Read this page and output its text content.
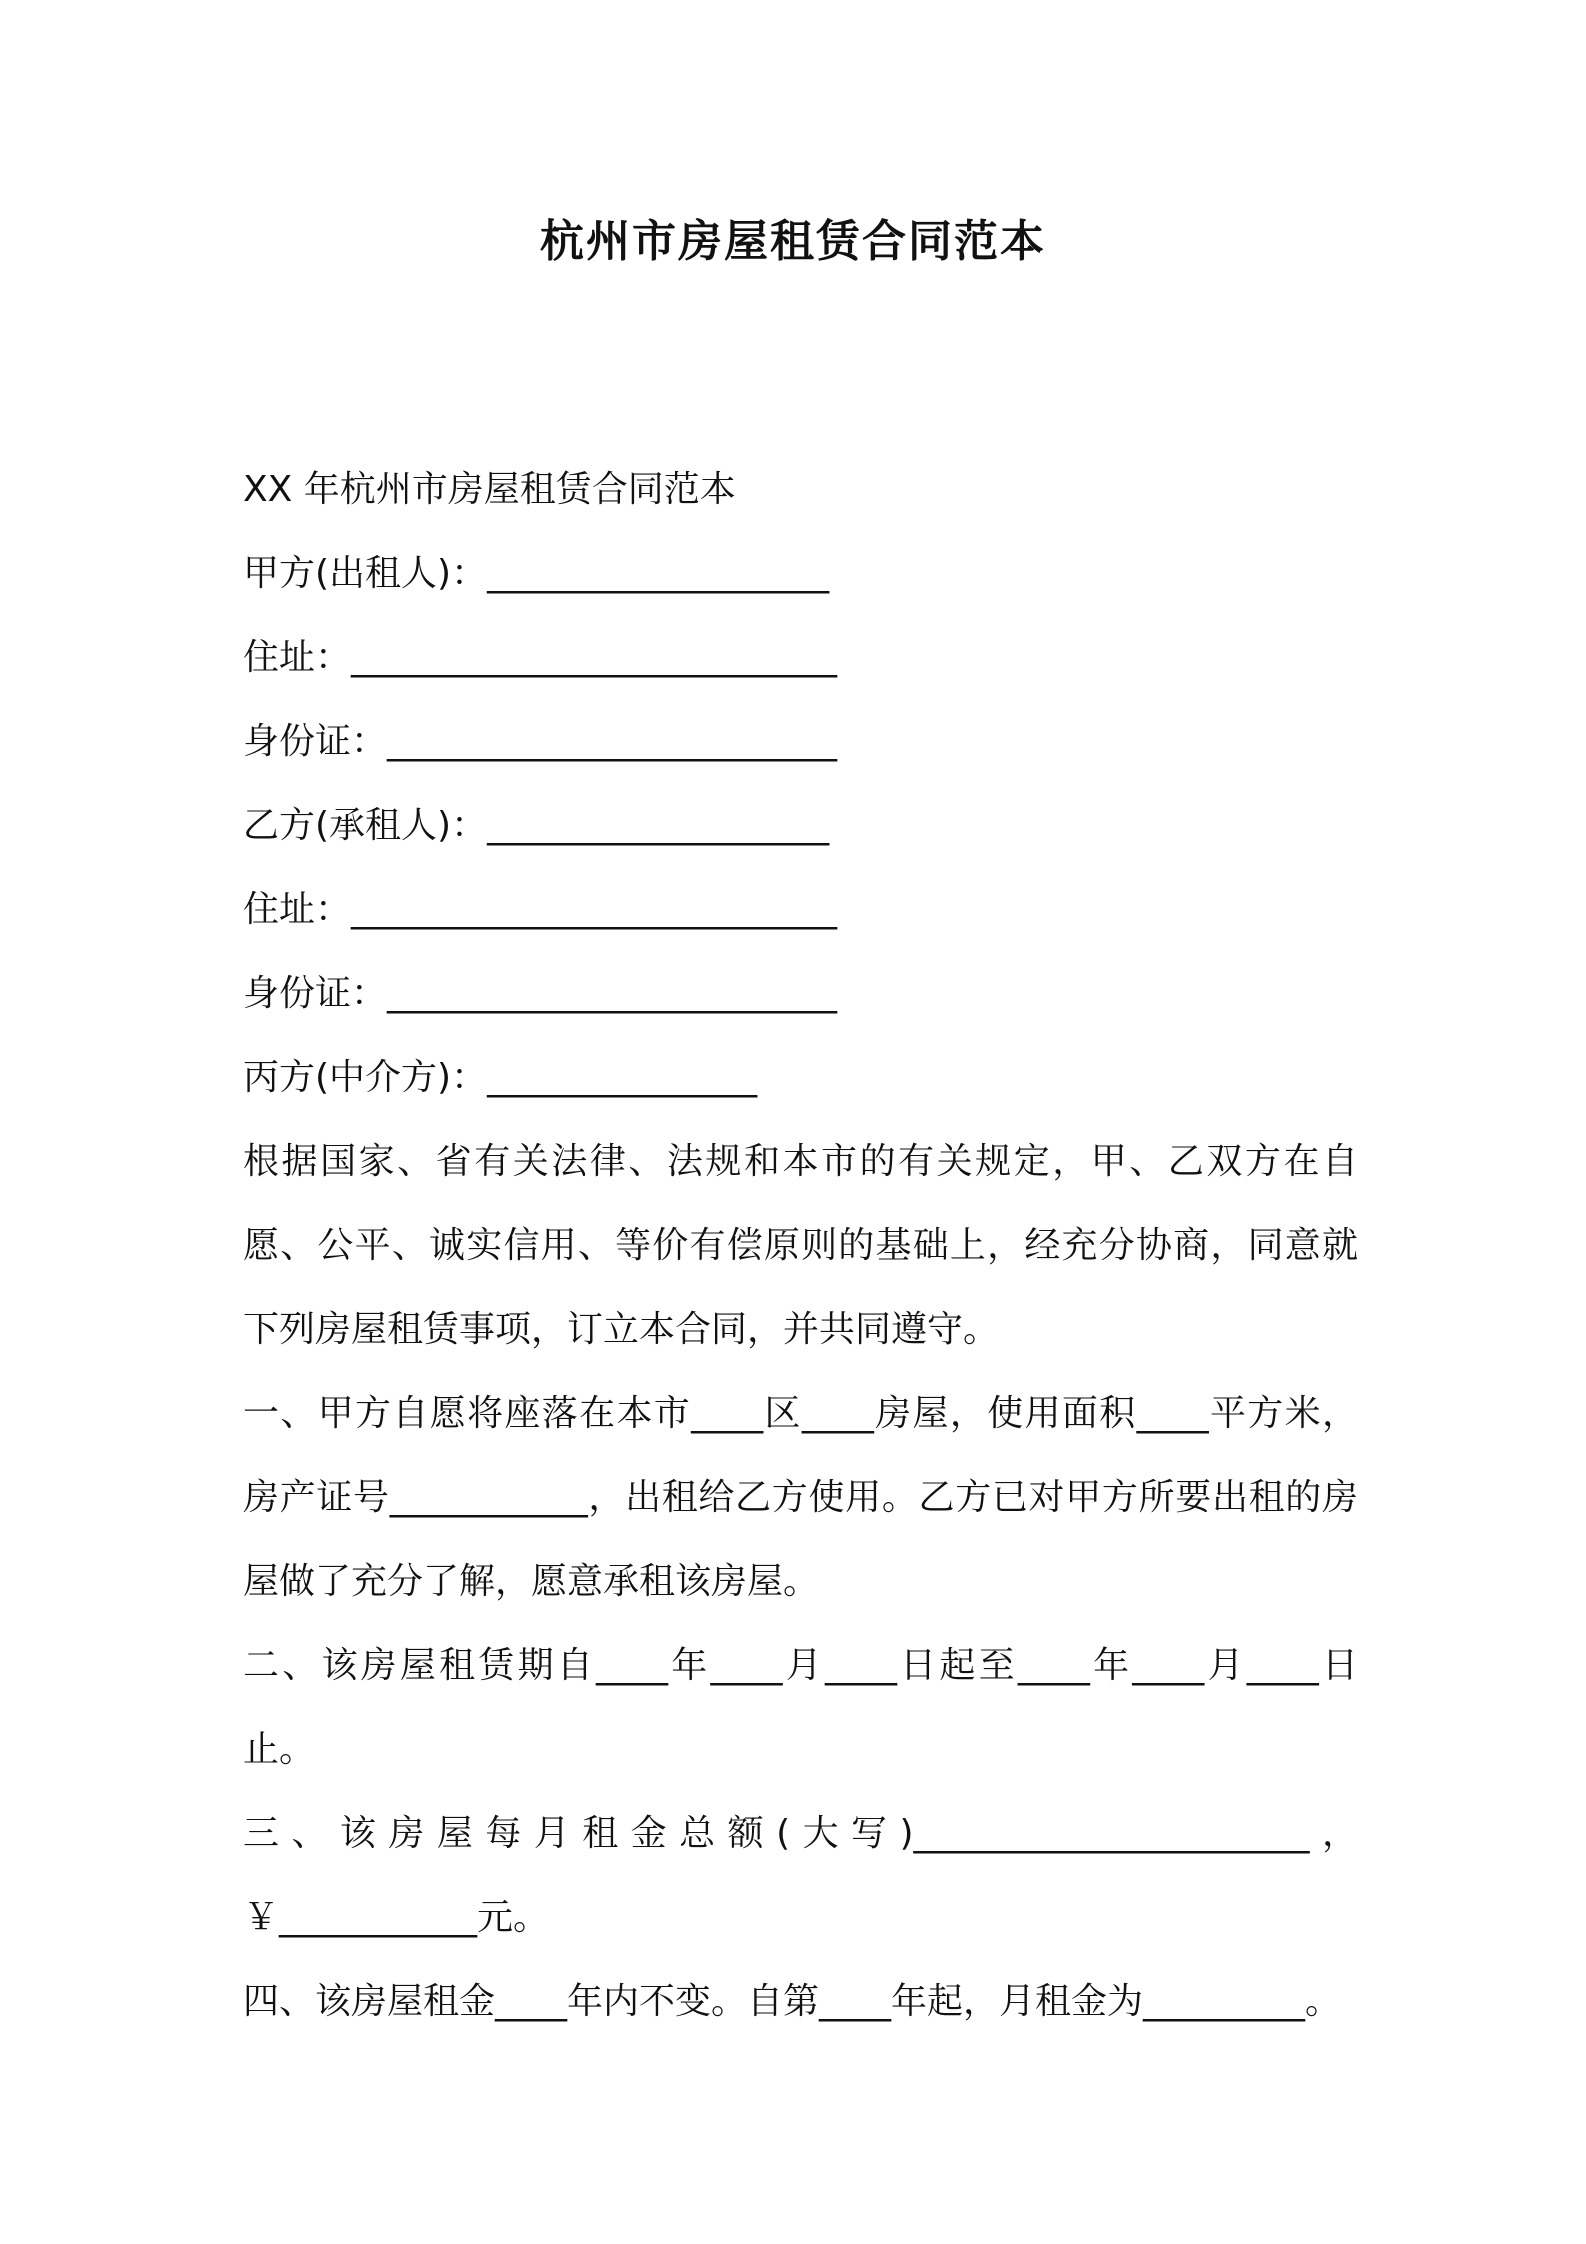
杭州市房屋租赁合同范本
XX 年杭州市房屋租赁合同范本
甲方(出租人)：___________________
住址：___________________________
身份证：_________________________
乙方(承租人)：___________________
住址：___________________________
身份证：_________________________
丙方(中介方)：_______________
根据国家、省有关法律、法规和本市的有关规定，甲、乙双方在自愿、公平、诚实信用、等价有偿原则的基础上，经充分协商，同意就下列房屋租赁事项，订立本合同，并共同遵守。
一、甲方自愿将座落在本市____区____房屋，使用面积____平方米，房产证号___________，出租给乙方使用。乙方已对甲方所要出租的房屋做了充分了解，愿意承租该房屋。
二、该房屋租赁期自____年____月____日起至____年____月____日止。
三、该房屋每月租金总额(大写)______________________，￥___________元。
四、该房屋租金____年内不变。自第____年起，月租金为_________。
